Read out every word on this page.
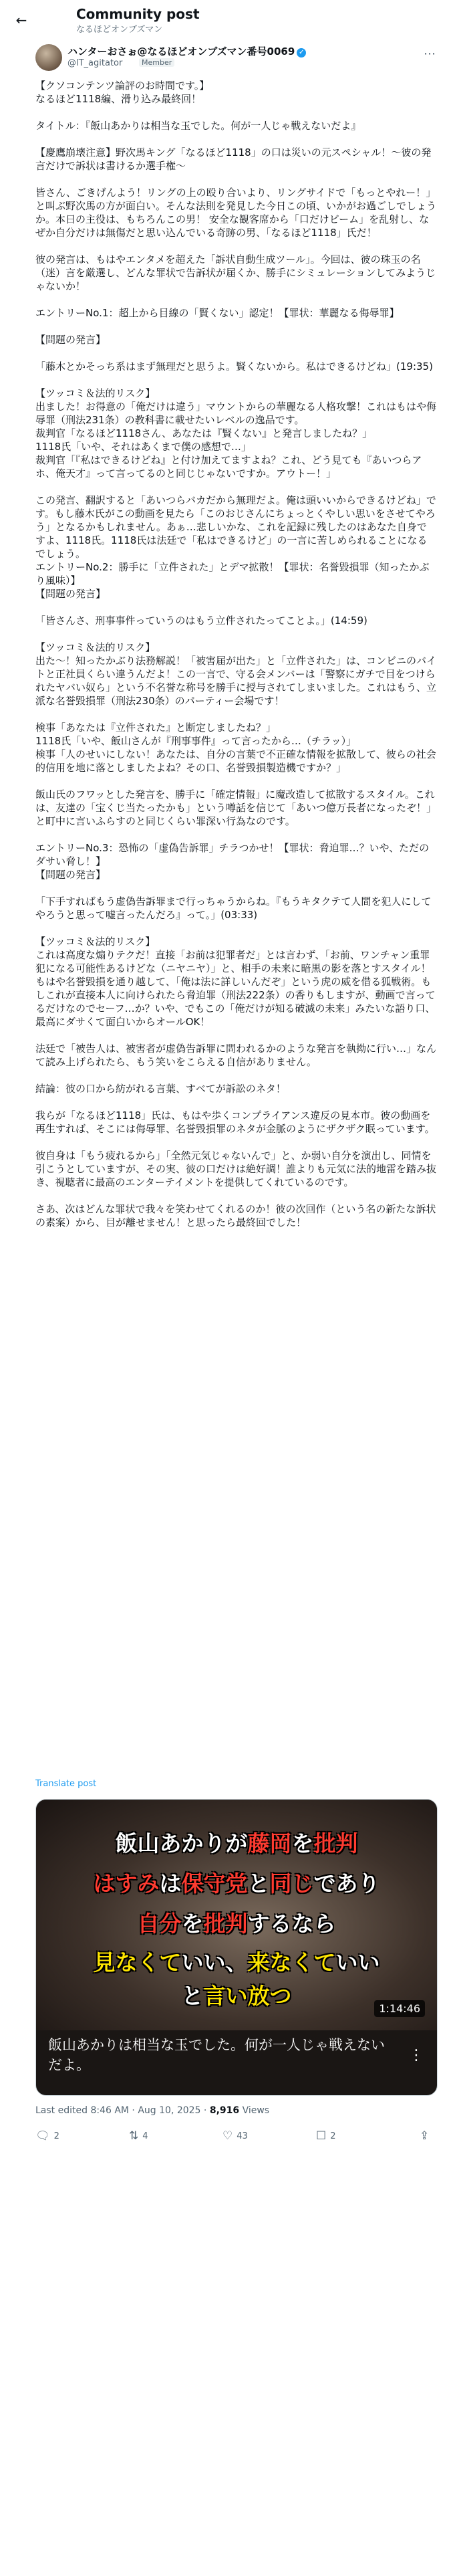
←	Community post
なるほどオンブズマン
ハンターおさぉ@なるほどオンブズマン番号0069 ✓
@lT_agitator	Member
⋯

【クソコンテンツ論評のお時間です。】
なるほど1118編、滑り込み最終回！

タイトル：『飯山あかりは相当な玉でした。何が一人じゃ戦えないだよ』

【慶鷹崩壊注意】野次馬キング「なるほど1118」の口は災いの元スペシャル！〜彼の発言だけで訴状は書けるか選手権〜

皆さん、ごきげんよう！リングの上の殴り合いより、リングサイドで「もっとやれー！」と叫ぶ野次馬の方が面白い。そんな法則を発見した今日この頃、いかがお過ごしでしょうか。本日の主役は、もちろんこの男！ 安全な観客席から「口だけビーム」を乱射し、なぜか自分だけは無傷だと思い込んでいる奇跡の男、「なるほど1118」氏だ！

彼の発言は、もはやエンタメを超えた「訴状自動生成ツール」。今回は、彼の珠玉の名（迷）言を厳選し、どんな罪状で告訴状が届くか、勝手にシミュレーションしてみようじゃないか！

エントリーNo.1：超上から目線の「賢くない」認定！【罪状：華麗なる侮辱罪】

【問題の発言】

「藤木とかそっち系はまず無理だと思うよ。賢くないから。私はできるけどね」(19:35)

【ツッコミ＆法的リスク】
出ました！お得意の「俺だけは違う」マウントからの華麗なる人格攻撃！これはもはや侮辱罪（刑法231条）の教科書に載せたいレベルの逸品です。
裁判官「なるほど1118さん、あなたは『賢くない』と発言しましたね？」
1118氏「いや、それはあくまで僕の感想で…」
裁判官「『私はできるけどね』と付け加えてますよね？これ、どう見ても『あいつらアホ、俺天才』って言ってるのと同じじゃないですか。アウトー！」

この発言、翻訳すると「あいつらバカだから無理だよ。俺は頭いいからできるけどね」です。もし藤木氏がこの動画を見たら「このおじさんにちょっとくやしい思いをさせてやろう」となるかもしれません。あぁ…悲しいかな、これを記録に残したのはあなた自身ですよ、1118氏。1118氏は法廷で「私はできるけど」の一言に苦しめられることになるでしょう。
エントリーNo.2：勝手に「立件された」とデマ拡散！【罪状：名誉毀損罪（知ったかぶり風味）】
【問題の発言】

「皆さんさ、刑事事件っていうのはもう立件されたってことよ。」(14:59)

【ツッコミ＆法的リスク】
出た〜！知ったかぶり法務解説！「被害届が出た」と「立件された」は、コンビニのバイトと正社員くらい違うんだよ！この一言で、守る会メンバーは「警察にガチで目をつけられたヤバい奴ら」という不名誉な称号を勝手に授与されてしまいました。これはもう、立派な名誉毀損罪（刑法230条）のパーティー会場です！

検事「あなたは『立件された』と断定しましたね？」
1118氏「いや、飯山さんが『刑事事件』って言ったから…（チラッ）」
検事「人のせいにしない！あなたは、自分の言葉で不正確な情報を拡散して、彼らの社会的信用を地に落としましたよね？その口、名誉毀損製造機ですか？」

飯山氏のフワッとした発言を、勝手に「確定情報」に魔改造して拡散するスタイル。これは、友達の「宝くじ当たったかも」という噂話を信じて「あいつ億万長者になったぞ！」と町中に言いふらすのと同じくらい罪深い行為なのです。

エントリーNo.3：恐怖の「虚偽告訴罪」チラつかせ！【罪状：脅迫罪…？いや、ただのダサい脅し！】
【問題の発言】

「下手すればもう虚偽告訴罪まで行っちゃうからね。『もうキタクテて人間を犯人にしてやろうと思って嘘言ったんだろ』って。」(03:33)

【ツッコミ＆法的リスク】
これは高度な煽りテクだ！直接「お前は犯罪者だ」とは言わず、「お前、ワンチャン重罪犯になる可能性あるけどな（ニヤニヤ）」と、相手の未来に暗黒の影を落とすスタイル！
もはや名誉毀損を通り越して、「俺は法に詳しいんだぞ」という虎の威を借る狐戦術。もしこれが直接本人に向けられたら脅迫罪（刑法222条）の香りもしますが、動画で言ってるだけなのでセーフ…か？いや、でもこの「俺だけが知る破滅の未来」みたいな語り口、最高にダサくて面白いからオールOK！

法廷で「被告人は、被害者が虚偽告訴罪に問われるかのような発言を執拗に行い…」なんて読み上げられたら、もう笑いをこらえる自信がありません。

結論：彼の口から紡がれる言葉、すべてが訴訟のネタ！

我らが「なるほど1118」氏は、もはや歩くコンプライアンス違反の見本市。彼の動画を再生すれば、そこには侮辱罪、名誉毀損罪のネタが金脈のようにザクザク眠っています。

彼自身は「もう疲れるから」「全然元気じゃないんで」と、か弱い自分を演出し、同情を引こうとしていますが、その実、彼の口だけは絶好調！誰よりも元気に法的地雷を踏み抜き、視聴者に最高のエンターテイメントを提供してくれているのです。

さあ、次はどんな罪状で我々を笑わせてくれるのか！彼の次回作（という名の新たな訴状の素案）から、目が離せません！と思ったら最終回でした！

Translate post
飯山あかりが藤岡を批判
はすみは保守党と同じであり
自分を批判するなら
見なくていい、来なくていい
と言い放つ	1:14:46
飯山あかりは相当な玉でした。何が一人じゃ戦えないだよ。
⋮
Last edited 8:46 AM · Aug 10, 2025 · 8,916 Views
🗨 2	⇅ 4	♡ 43	☐ 2	⇪
